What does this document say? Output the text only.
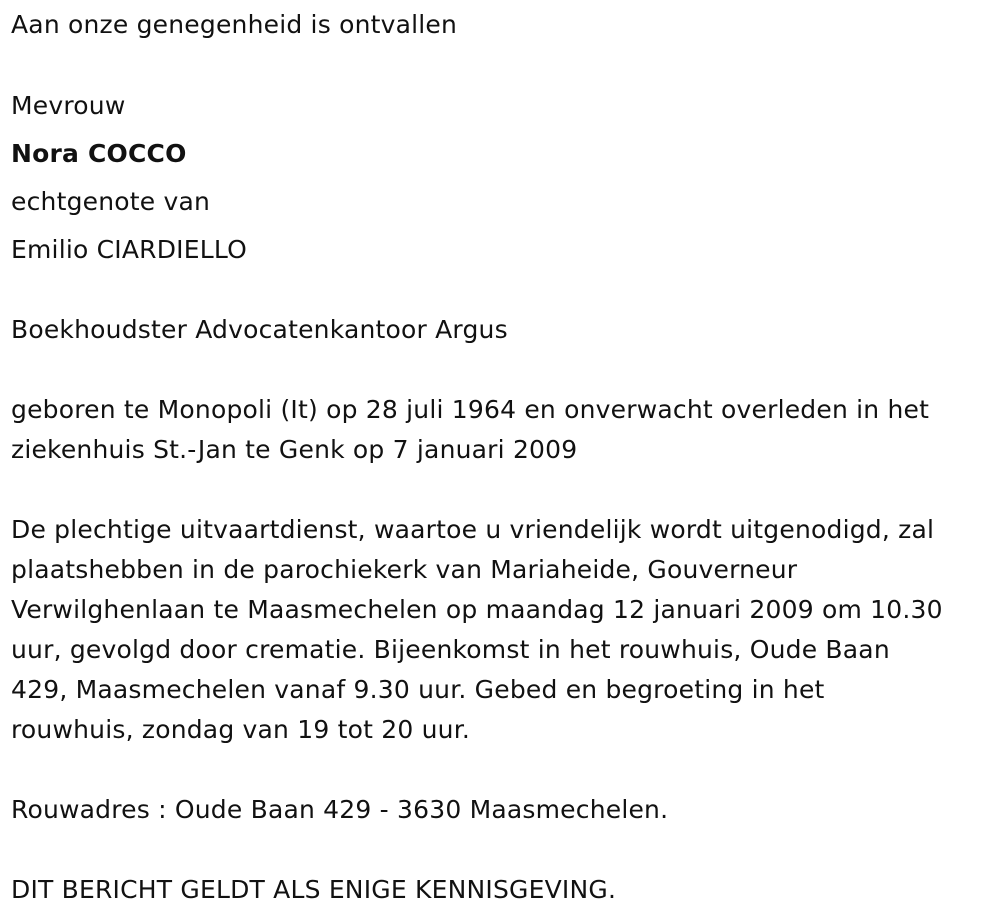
Aan onze genegenheid is ontvallen
Mevrouw
Nora COCCO
echtgenote van
Emilio CIARDIELLO
Boekhoudster Advocatenkantoor Argus
geboren te Monopoli (It) op 28 juli 1964 en onverwacht overleden in het
ziekenhuis St.-Jan te Genk op 7 januari 2009
De plechtige uitvaartdienst, waartoe u vriendelijk wordt uitgenodigd, zal
plaatshebben in de parochiekerk van Mariaheide, Gouverneur
Verwilghenlaan te Maasmechelen op maandag 12 januari 2009 om 10.30
uur, gevolgd door crematie. Bijeenkomst in het rouwhuis, Oude Baan
429, Maasmechelen vanaf 9.30 uur. Gebed en begroeting in het
rouwhuis, zondag van 19 tot 20 uur.
Rouwadres : Oude Baan 429 - 3630 Maasmechelen.
DIT BERICHT GELDT ALS ENIGE KENNISGEVING.
